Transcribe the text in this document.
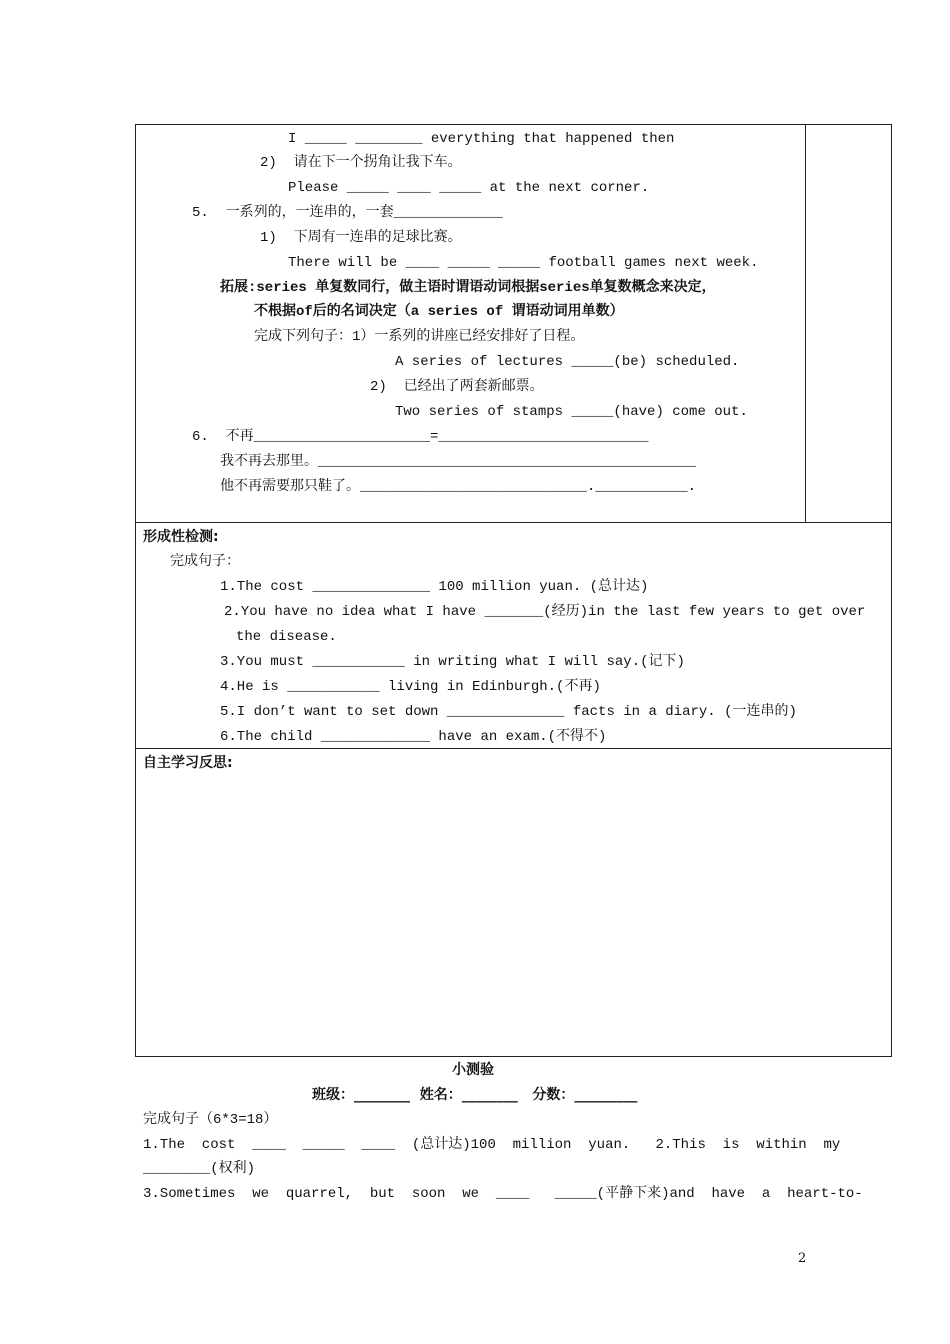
I _____ ________ everything that happened then
2)  请在下一个拐角让我下车。
Please _____ ____ _____ at the next corner.
5.  一系列的，一连串的，一套_____________
1)  下周有一连串的足球比赛。
There will be ____ _____ _____ football games next week.
拓展:series 单复数同行，做主语时谓语动词根据series单复数概念来决定，
不根据of后的名词决定（a series of 谓语动词用单数）
完成下列句子：1）一系列的讲座已经安排好了日程。
A series of lectures _____(be) scheduled.
2)  已经出了两套新邮票。
Two series of stamps _____(have) come out.
6.  不再_____________________=_________________________
我不再去那里。_____________________________________________
他不再需要那只鞋了。___________________________.___________.
形成性检测:
完成句子：
1.The cost ______________ 100 million yuan. (总计达)
2.You have no idea what I have _______(经历)in the last few years to get over
the disease.
3.You must ___________ in writing what I will say.(记下)
4.He is ___________ living in Edinburgh.(不再)
5.I don’t want to set down ______________ facts in a diary. (一连串的)
6.The child _____________ have an exam.(不得不)
自主学习反思:
小测验
班级：________  姓名：________   分数：_________
完成句子（6*3=18）
1.The  cost  ____  _____  ____  (总计达)100  million  yuan.   2.This  is  within  my
________(权利)
3.Sometimes  we  quarrel,  but  soon  we  ____   _____(平静下来)and  have  a  heart-to-
2
